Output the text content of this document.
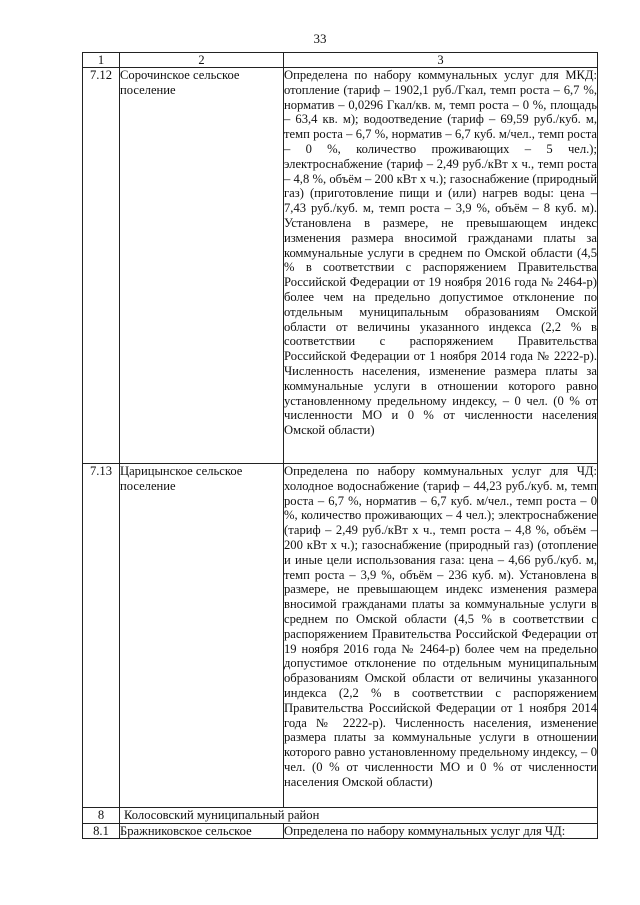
33
1	2	3
7.12	Сорочинское сельское поселение	Определена по набору коммунальных услуг для МКД: отопление (тариф – 1902,1 руб./Гкал, темп роста – 6,7 %, норматив – 0,0296 Гкал/кв. м, темп роста – 0 %, площадь – 63,4 кв. м); водоотведение (тариф – 69,59 руб./куб. м, темп роста – 6,7 %, норматив – 6,7 куб. м/чел., темп роста – 0 %, количество проживающих – 5 чел.); электроснабжение (тариф – 2,49 руб./кВт х ч., темп роста – 4,8 %, объём – 200 кВт х ч.); газоснабжение (природный газ) (приготовление пищи и (или) нагрев воды: цена – 7,43 руб./куб. м, темп роста – 3,9 %, объём – 8 куб. м). Установлена в размере, не превышающем индекс изменения размера вносимой гражданами платы за коммунальные услуги в среднем по Омской области (4,5 % в соответствии с распоряжением Правительства Российской Федерации от 19 ноября 2016 года № 2464-р) более чем на предельно допустимое отклонение по отдельным муниципальным образованиям Омской области от величины указанного индекса (2,2 % в соответствии с распоряжением Правительства Российской Федерации от 1 ноября 2014 года № 2222-р). Численность населения, изменение размера платы за коммунальные услуги в отношении которого равно установленному предельному индексу, – 0 чел. (0 % от численности МО и 0 % от численности населения Омской области)

7.13	Царицынское сельское поселение	Определена по набору коммунальных услуг для ЧД: холодное водоснабжение (тариф – 44,23 руб./куб. м, темп роста – 6,7 %, норматив – 6,7 куб. м/чел., темп роста – 0 %, количество проживающих – 4 чел.); электроснабжение (тариф – 2,49 руб./кВт х ч., темп роста – 4,8 %, объём – 200 кВт х ч.); газоснабжение (природный газ) (отопление и иные цели использования газа: цена – 4,66 руб./куб. м, темп роста – 3,9 %, объём – 236 куб. м). Установлена в размере, не превышающем индекс изменения размера вносимой гражданами платы за коммунальные услуги в среднем по Омской области (4,5 % в соответствии с распоряжением Правительства Российской Федерации от 19 ноября 2016 года № 2464-р) более чем на предельно допустимое отклонение по отдельным муниципальным образованиям Омской области от величины указанного индекса (2,2 % в соответствии с распоряжением Правительства Российской Федерации от 1 ноября 2014 года № 2222-р). Численность населения, изменение размера платы за коммунальные услуги в отношении которого равно установленному предельному индексу, – 0 чел. (0 % от численности МО и 0 % от численности населения Омской области)

8	Колосовский муниципальный район	
8.1	Бражниковское сельское	Определена по набору коммунальных услуг для ЧД:
